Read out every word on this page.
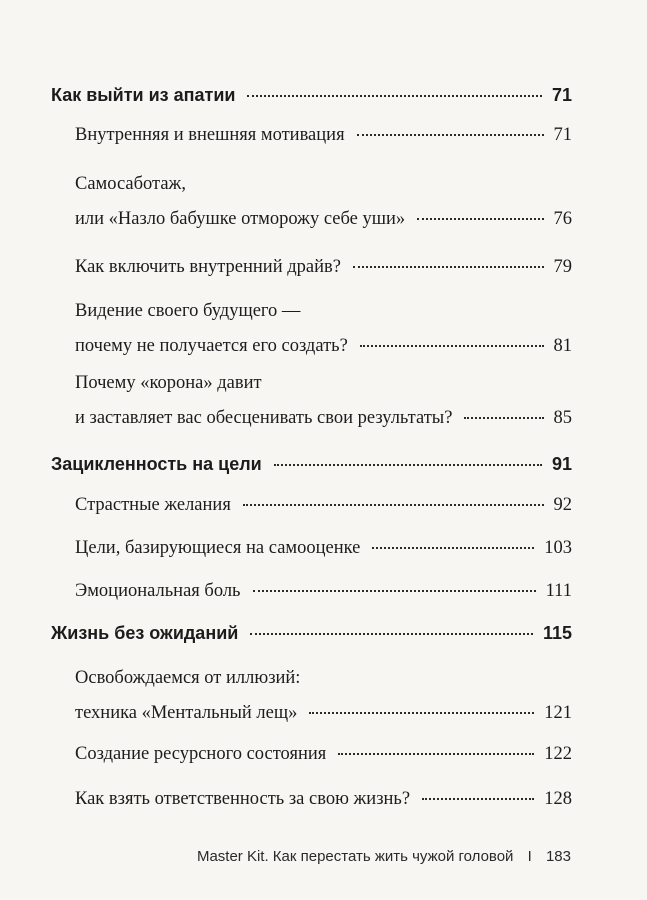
Как выйти из апатии	71
Внутренняя и внешняя мотивация	71
Самосаботаж,
или «Назло бабушке отморожу себе уши»	76
Как включить внутренний драйв?	79
Видение своего будущего —
почему не получается его создать?	81
Почему «корона» давит
и заставляет вас обесценивать свои результаты?	85
Зацикленность на цели	91
Страстные желания	92
Цели, базирующиеся на самооценке	103
Эмоциональная боль	111
Жизнь без ожиданий	115
Освобождаемся от иллюзий:
техника «Ментальный лещ»	121
Создание ресурсного состояния	122
Как взять ответственность за свою жизнь?	128
Master Kit. Как перестать жить чужой головой I 183
